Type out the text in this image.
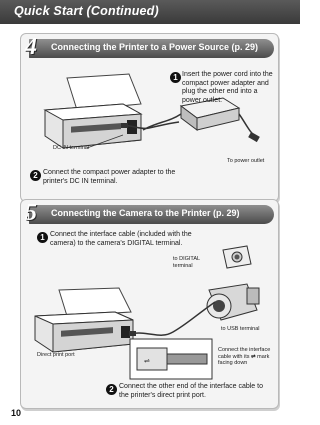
Quick Start (Continued)
4	Connecting the Printer to a Power Source (p. 29)
1 Insert the power cord into the compact power adapter and plug the other end into a power outlet.
DC IN terminal
To power outlet
2 Connect the compact power adapter to the printer's DC IN terminal.
5	Connecting the Camera to the Printer (p. 29)
1 Connect the interface cable (included with the camera) to the camera's DIGITAL terminal.
to DIGITAL terminal
to USB terminal
Direct print port
⇌
Connect the interface cable with its ⇌ mark facing down
2 Connect the other end of the interface cable to the printer's direct print port.
10
